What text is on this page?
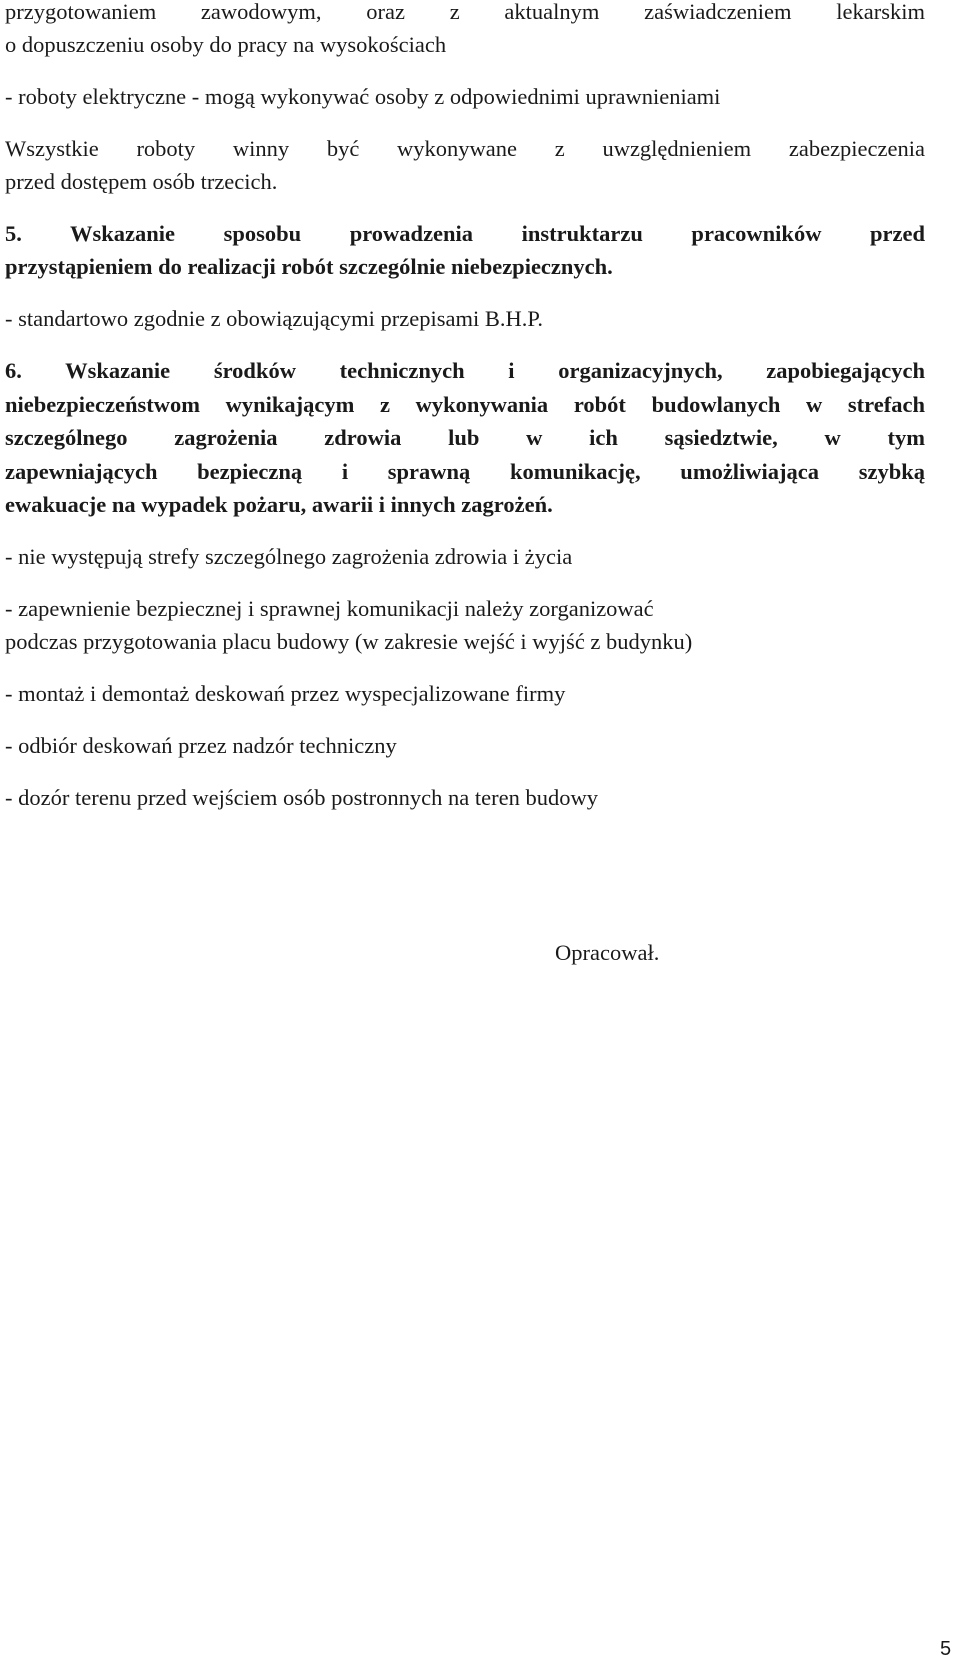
przygotowaniem zawodowym, oraz z aktualnym zaświadczeniem lekarskim

o dopuszczeniu osoby do pracy na wysokościach

- roboty elektryczne - mogą wykonywać osoby z odpowiednimi uprawnieniami

Wszystkie roboty winny być wykonywane z uwzględnieniem zabezpieczenia

przed dostępem osób trzecich.

5. Wskazanie sposobu prowadzenia instruktarzu pracowników przed

przystąpieniem do realizacji robót szczególnie niebezpiecznych.

- standartowo zgodnie z obowiązującymi przepisami B.H.P.

6. Wskazanie środków technicznych i organizacyjnych, zapobiegających

niebezpieczeństwom wynikającym z wykonywania robót budowlanych w strefach

szczególnego zagrożenia zdrowia lub w ich sąsiedztwie, w tym

zapewniających bezpieczną i sprawną komunikację, umożliwiająca szybką

ewakuacje na wypadek pożaru, awarii i innych zagrożeń.

- nie występują strefy szczególnego zagrożenia zdrowia i życia

- zapewnienie bezpiecznej i sprawnej komunikacji należy zorganizować

podczas przygotowania placu budowy (w zakresie wejść i wyjść z budynku)

- montaż i demontaż deskowań przez wyspecjalizowane firmy

- odbiór deskowań przez nadzór techniczny

- dozór terenu przed wejściem osób postronnych na teren budowy

Opracował.
5
